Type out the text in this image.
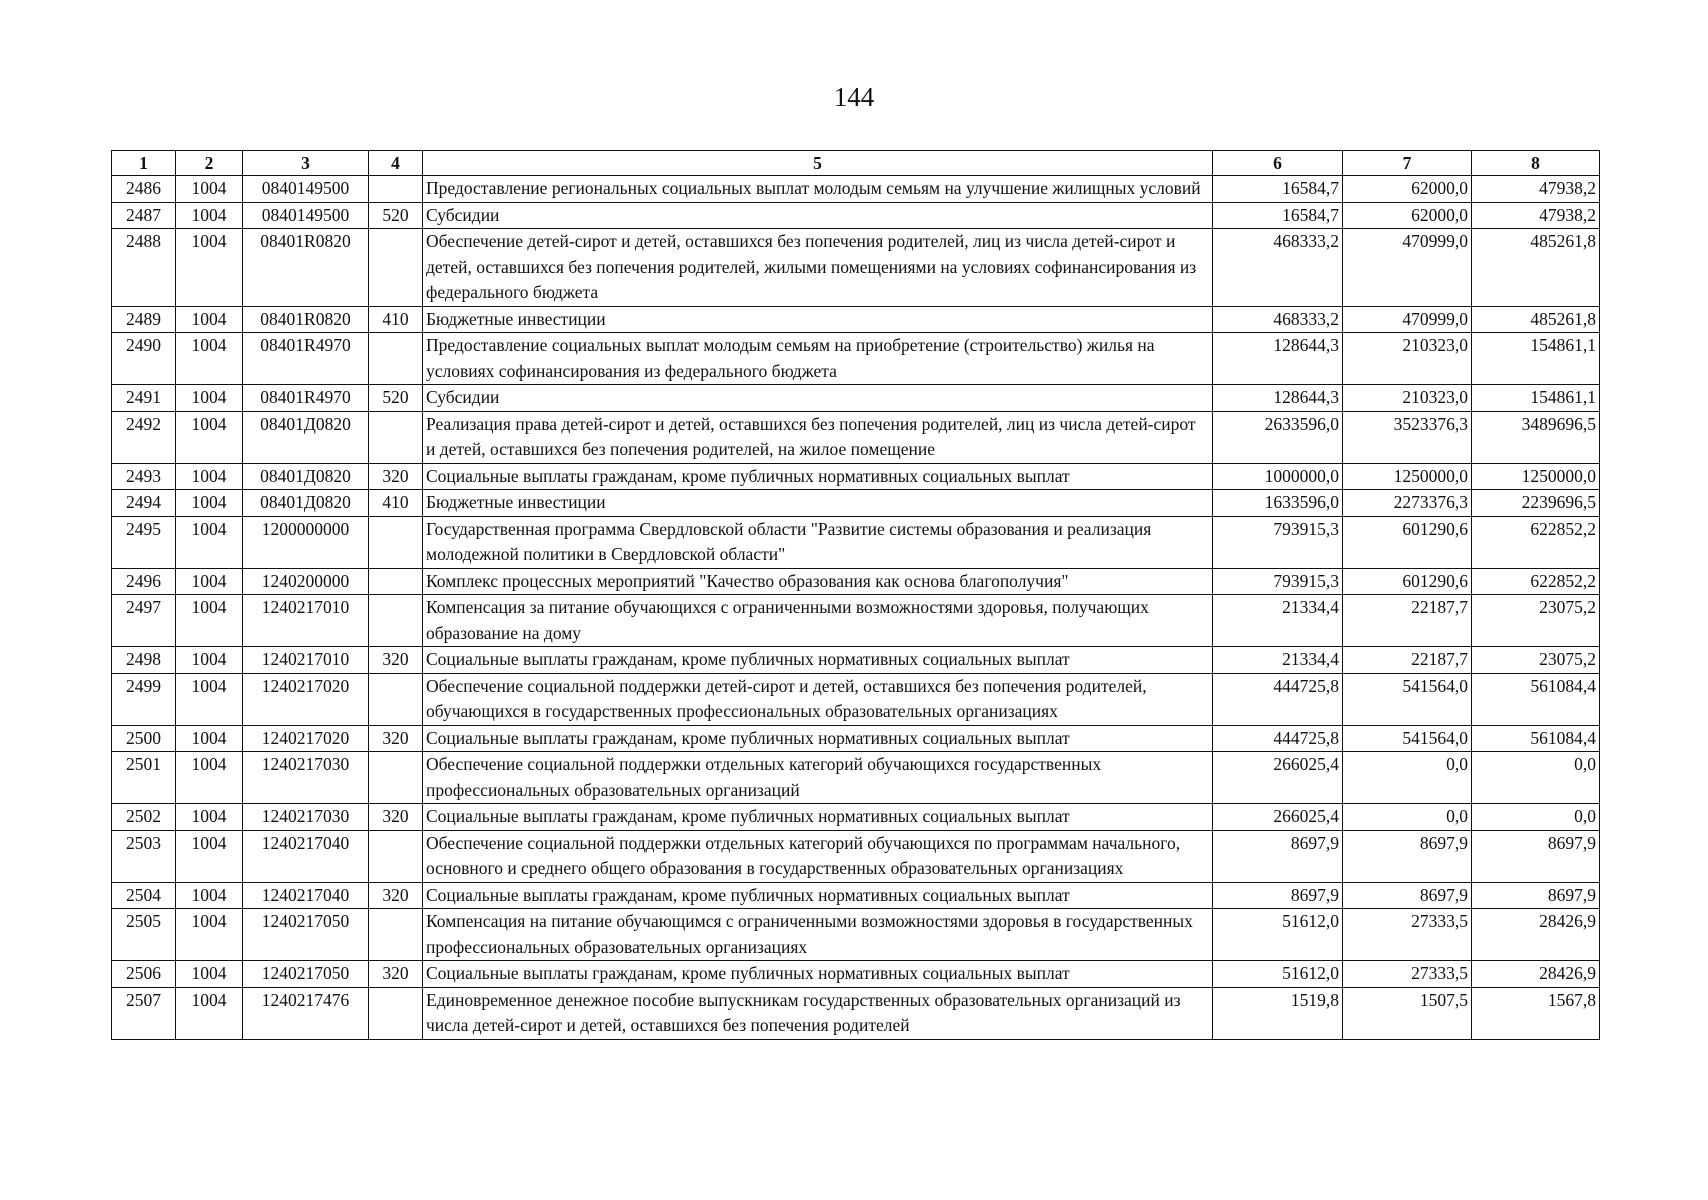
144
1	2	3	4	5	6	7	8
2486	1004	0840149500		Предоставление региональных социальных выплат молодым семьям на улучшение жилищных условий	16584,7	62000,0	47938,2
2487	1004	0840149500	520	Субсидии	16584,7	62000,0	47938,2
2488	1004	08401R0820		Обеспечение детей-сирот и детей, оставшихся без попечения родителей, лиц из числа детей-сирот и детей, оставшихся без попечения родителей, жилыми помещениями на условиях софинансирования из федерального бюджета	468333,2	470999,0	485261,8
2489	1004	08401R0820	410	Бюджетные инвестиции	468333,2	470999,0	485261,8
2490	1004	08401R4970		Предоставление социальных выплат молодым семьям на приобретение (строительство) жилья на условиях софинансирования из федерального бюджета	128644,3	210323,0	154861,1
2491	1004	08401R4970	520	Субсидии	128644,3	210323,0	154861,1
2492	1004	08401Д0820		Реализация права детей-сирот и детей, оставшихся без попечения родителей, лиц из числа детей-сирот и детей, оставшихся без попечения родителей, на жилое помещение	2633596,0	3523376,3	3489696,5
2493	1004	08401Д0820	320	Социальные выплаты гражданам, кроме публичных нормативных социальных выплат	1000000,0	1250000,0	1250000,0
2494	1004	08401Д0820	410	Бюджетные инвестиции	1633596,0	2273376,3	2239696,5
2495	1004	1200000000		Государственная программа Свердловской области "Развитие системы образования и реализация молодежной политики в Свердловской области"	793915,3	601290,6	622852,2
2496	1004	1240200000		Комплекс процессных мероприятий "Качество образования как основа благополучия"	793915,3	601290,6	622852,2
2497	1004	1240217010		Компенсация за питание обучающихся с ограниченными возможностями здоровья, получающих образование на дому	21334,4	22187,7	23075,2
2498	1004	1240217010	320	Социальные выплаты гражданам, кроме публичных нормативных социальных выплат	21334,4	22187,7	23075,2
2499	1004	1240217020		Обеспечение социальной поддержки детей-сирот и детей, оставшихся без попечения родителей, обучающихся в государственных профессиональных образовательных организациях	444725,8	541564,0	561084,4
2500	1004	1240217020	320	Социальные выплаты гражданам, кроме публичных нормативных социальных выплат	444725,8	541564,0	561084,4
2501	1004	1240217030		Обеспечение социальной поддержки отдельных категорий обучающихся государственных профессиональных образовательных организаций	266025,4	0,0	0,0
2502	1004	1240217030	320	Социальные выплаты гражданам, кроме публичных нормативных социальных выплат	266025,4	0,0	0,0
2503	1004	1240217040		Обеспечение социальной поддержки отдельных категорий обучающихся по программам начального, основного и среднего общего образования в государственных образовательных организациях	8697,9	8697,9	8697,9
2504	1004	1240217040	320	Социальные выплаты гражданам, кроме публичных нормативных социальных выплат	8697,9	8697,9	8697,9
2505	1004	1240217050		Компенсация на питание обучающимся с ограниченными возможностями здоровья в государственных профессиональных образовательных организациях	51612,0	27333,5	28426,9
2506	1004	1240217050	320	Социальные выплаты гражданам, кроме публичных нормативных социальных выплат	51612,0	27333,5	28426,9
2507	1004	1240217476		Единовременное денежное пособие выпускникам государственных образовательных организаций из числа детей-сирот и детей, оставшихся без попечения родителей	1519,8	1507,5	1567,8
